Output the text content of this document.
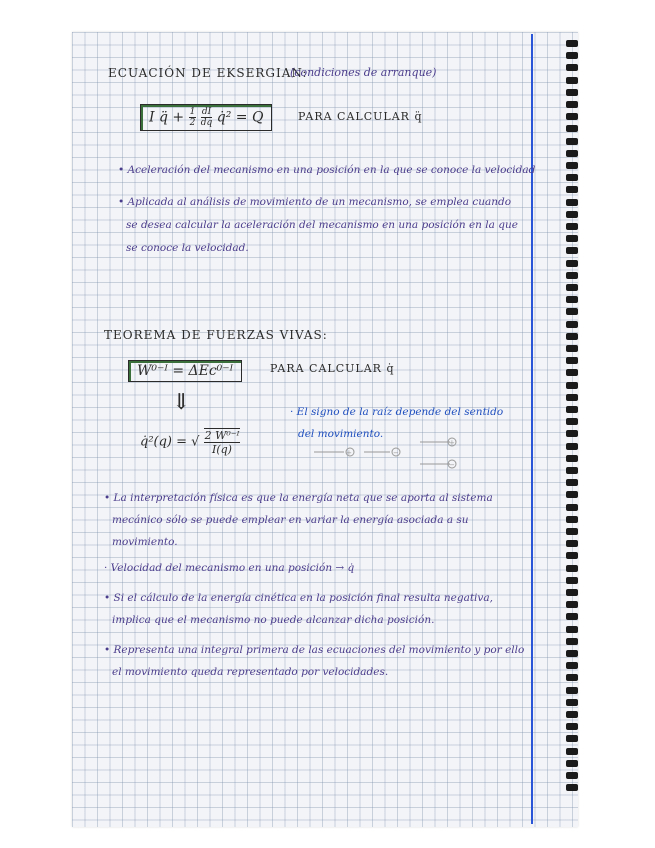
ECUACIÓN DE EKSERGIAN:
(condiciones de arranque)
I q̈ + $\frac{1}{2}$
$\frac{dI}{dq}$ q̇² = Q	PARA CALCULAR q̈
• Aceleración del mecanismo en una posición en la que se conoce la velocidad
• Aplicada al análisis de movimiento de un mecanismo, se emplea cuando
se desea calcular la aceleración del mecanismo en una posición en la que
se conoce la velocidad.
TEOREMA DE FUERZAS VIVAS:
W⁰⁻ᴵ = ΔEc⁰⁻ᴵ	PARA CALCULAR q̇
⇓
q̇²(q) = √ $\frac{\text{2 W⁰⁻ᴵ}}{I(q)}$
· El signo de la raíz depende del sentido
del movimiento.
+	−
+
−
• La interpretación física es que la energía neta que se aporta al sistema
mecánico sólo se puede emplear en variar la energía asociada a su
movimiento.
· Velocidad del mecanismo en una posición → q̇
• Si el cálculo de la energía cinética en la posición final resulta negativa,
implica que el mecanismo no puede alcanzar dicha posición.
• Representa una integral primera de las ecuaciones del movimiento y por ello
el movimiento queda representado por velocidades.
